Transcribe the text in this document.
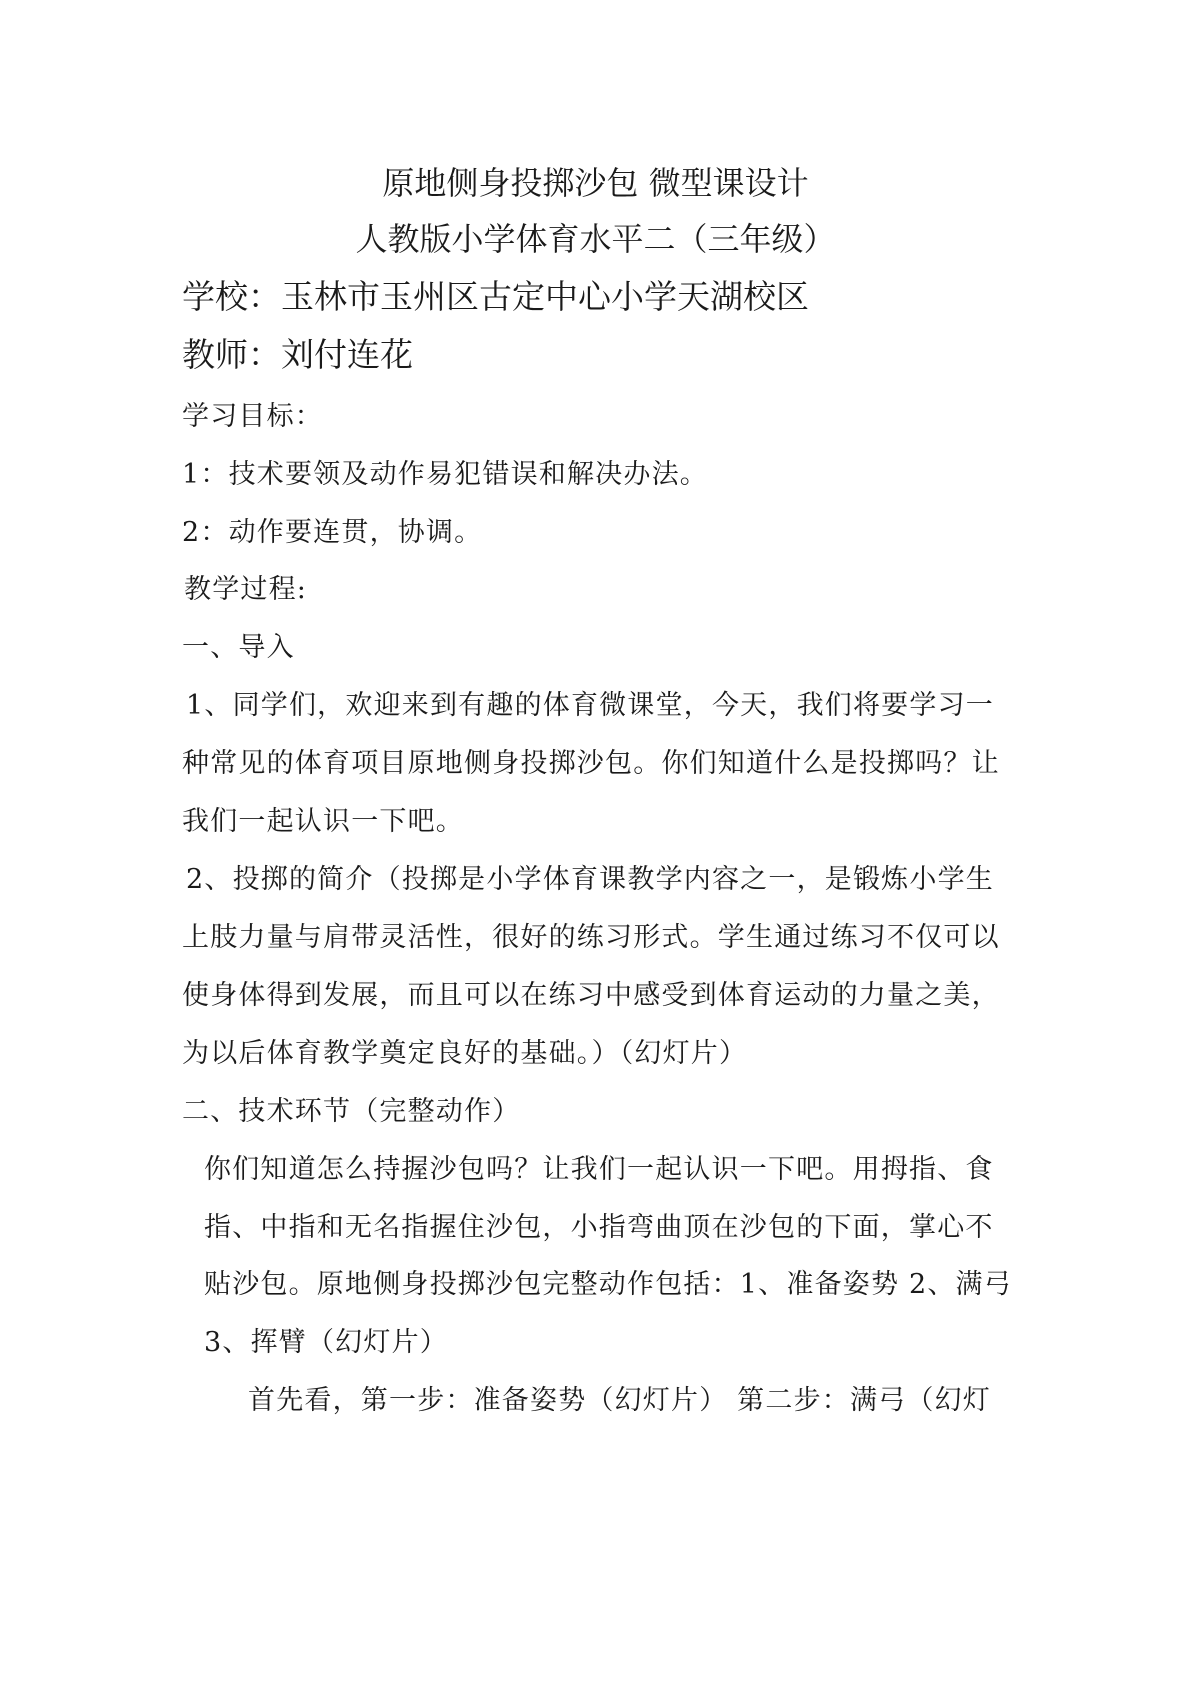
原地侧身投掷沙包 微型课设计

人教版小学体育水平二（三年级）

学校：玉林市玉州区古定中心小学天湖校区

教师：刘付连花

学习目标：

1：技术要领及动作易犯错误和解决办法。

2：动作要连贯，协调。

教学过程:

一、导入

1、同学们，欢迎来到有趣的体育微课堂，今天，我们将要学习一

种常见的体育项目原地侧身投掷沙包。你们知道什么是投掷吗？让

我们一起认识一下吧。

2、投掷的简介（投掷是小学体育课教学内容之一，是锻炼小学生

上肢力量与肩带灵活性，很好的练习形式。学生通过练习不仅可以

使身体得到发展，而且可以在练习中感受到体育运动的力量之美，

为以后体育教学奠定良好的基础。）（幻灯片）

二、技术环节（完整动作）

你们知道怎么持握沙包吗？让我们一起认识一下吧。用拇指、食

指、中指和无名指握住沙包，小指弯曲顶在沙包的下面，掌心不

贴沙包。原地侧身投掷沙包完整动作包括：1、准备姿势 2、满弓

3、挥臂（幻灯片）

首先看，第一步：准备姿势（幻灯片） 第二步：满弓（幻灯
